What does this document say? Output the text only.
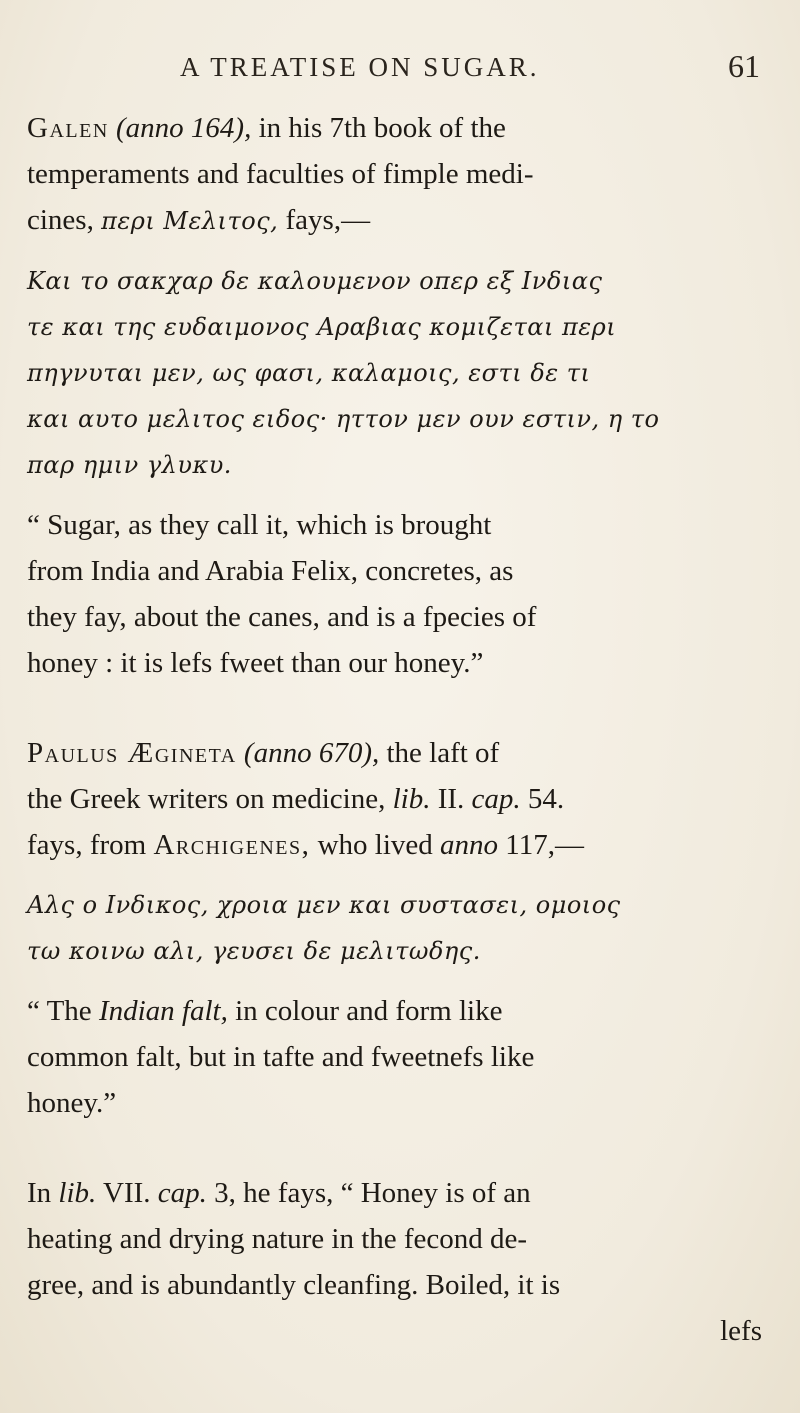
A TREATISE ON SUGAR.	61
Galen (anno 164), in his 7th book of the
temperaments and faculties of fimple medi-
cines, περι Μελιτος, fays,—
Και το σακχαρ δε καλουμενον οπερ εξ Ινδιας
τε και της ευδαιμονος Αραβιας κομιζεται περι
πηγνυται μεν, ως φασι, καλαμοις, εστι δε τι
και αυτο μελιτος ειδος· ηττον μεν ουν εστιν, η το
παρ ημιν γλυκυ.
“ Sugar, as they call it, which is brought
from India and Arabia Felix, concretes, as
they fay, about the canes, and is a fpecies of
honey : it is lefs fweet than our honey.”
Paulus Ægineta (anno 670), the laft of
the Greek writers on medicine, lib. II. cap. 54.
fays, from Archigenes, who lived anno 117,—
Αλς ο Ινδικος, χροια μεν και συστασει, ομοιος
τω κοινω αλι, γευσει δε μελιτωδης.
“ The Indian falt, in colour and form like
common falt, but in tafte and fweetnefs like
honey.”
In lib. VII. cap. 3, he fays, “ Honey is of an
heating and drying nature in the fecond de-
gree, and is abundantly cleanfing. Boiled, it is
lefs
